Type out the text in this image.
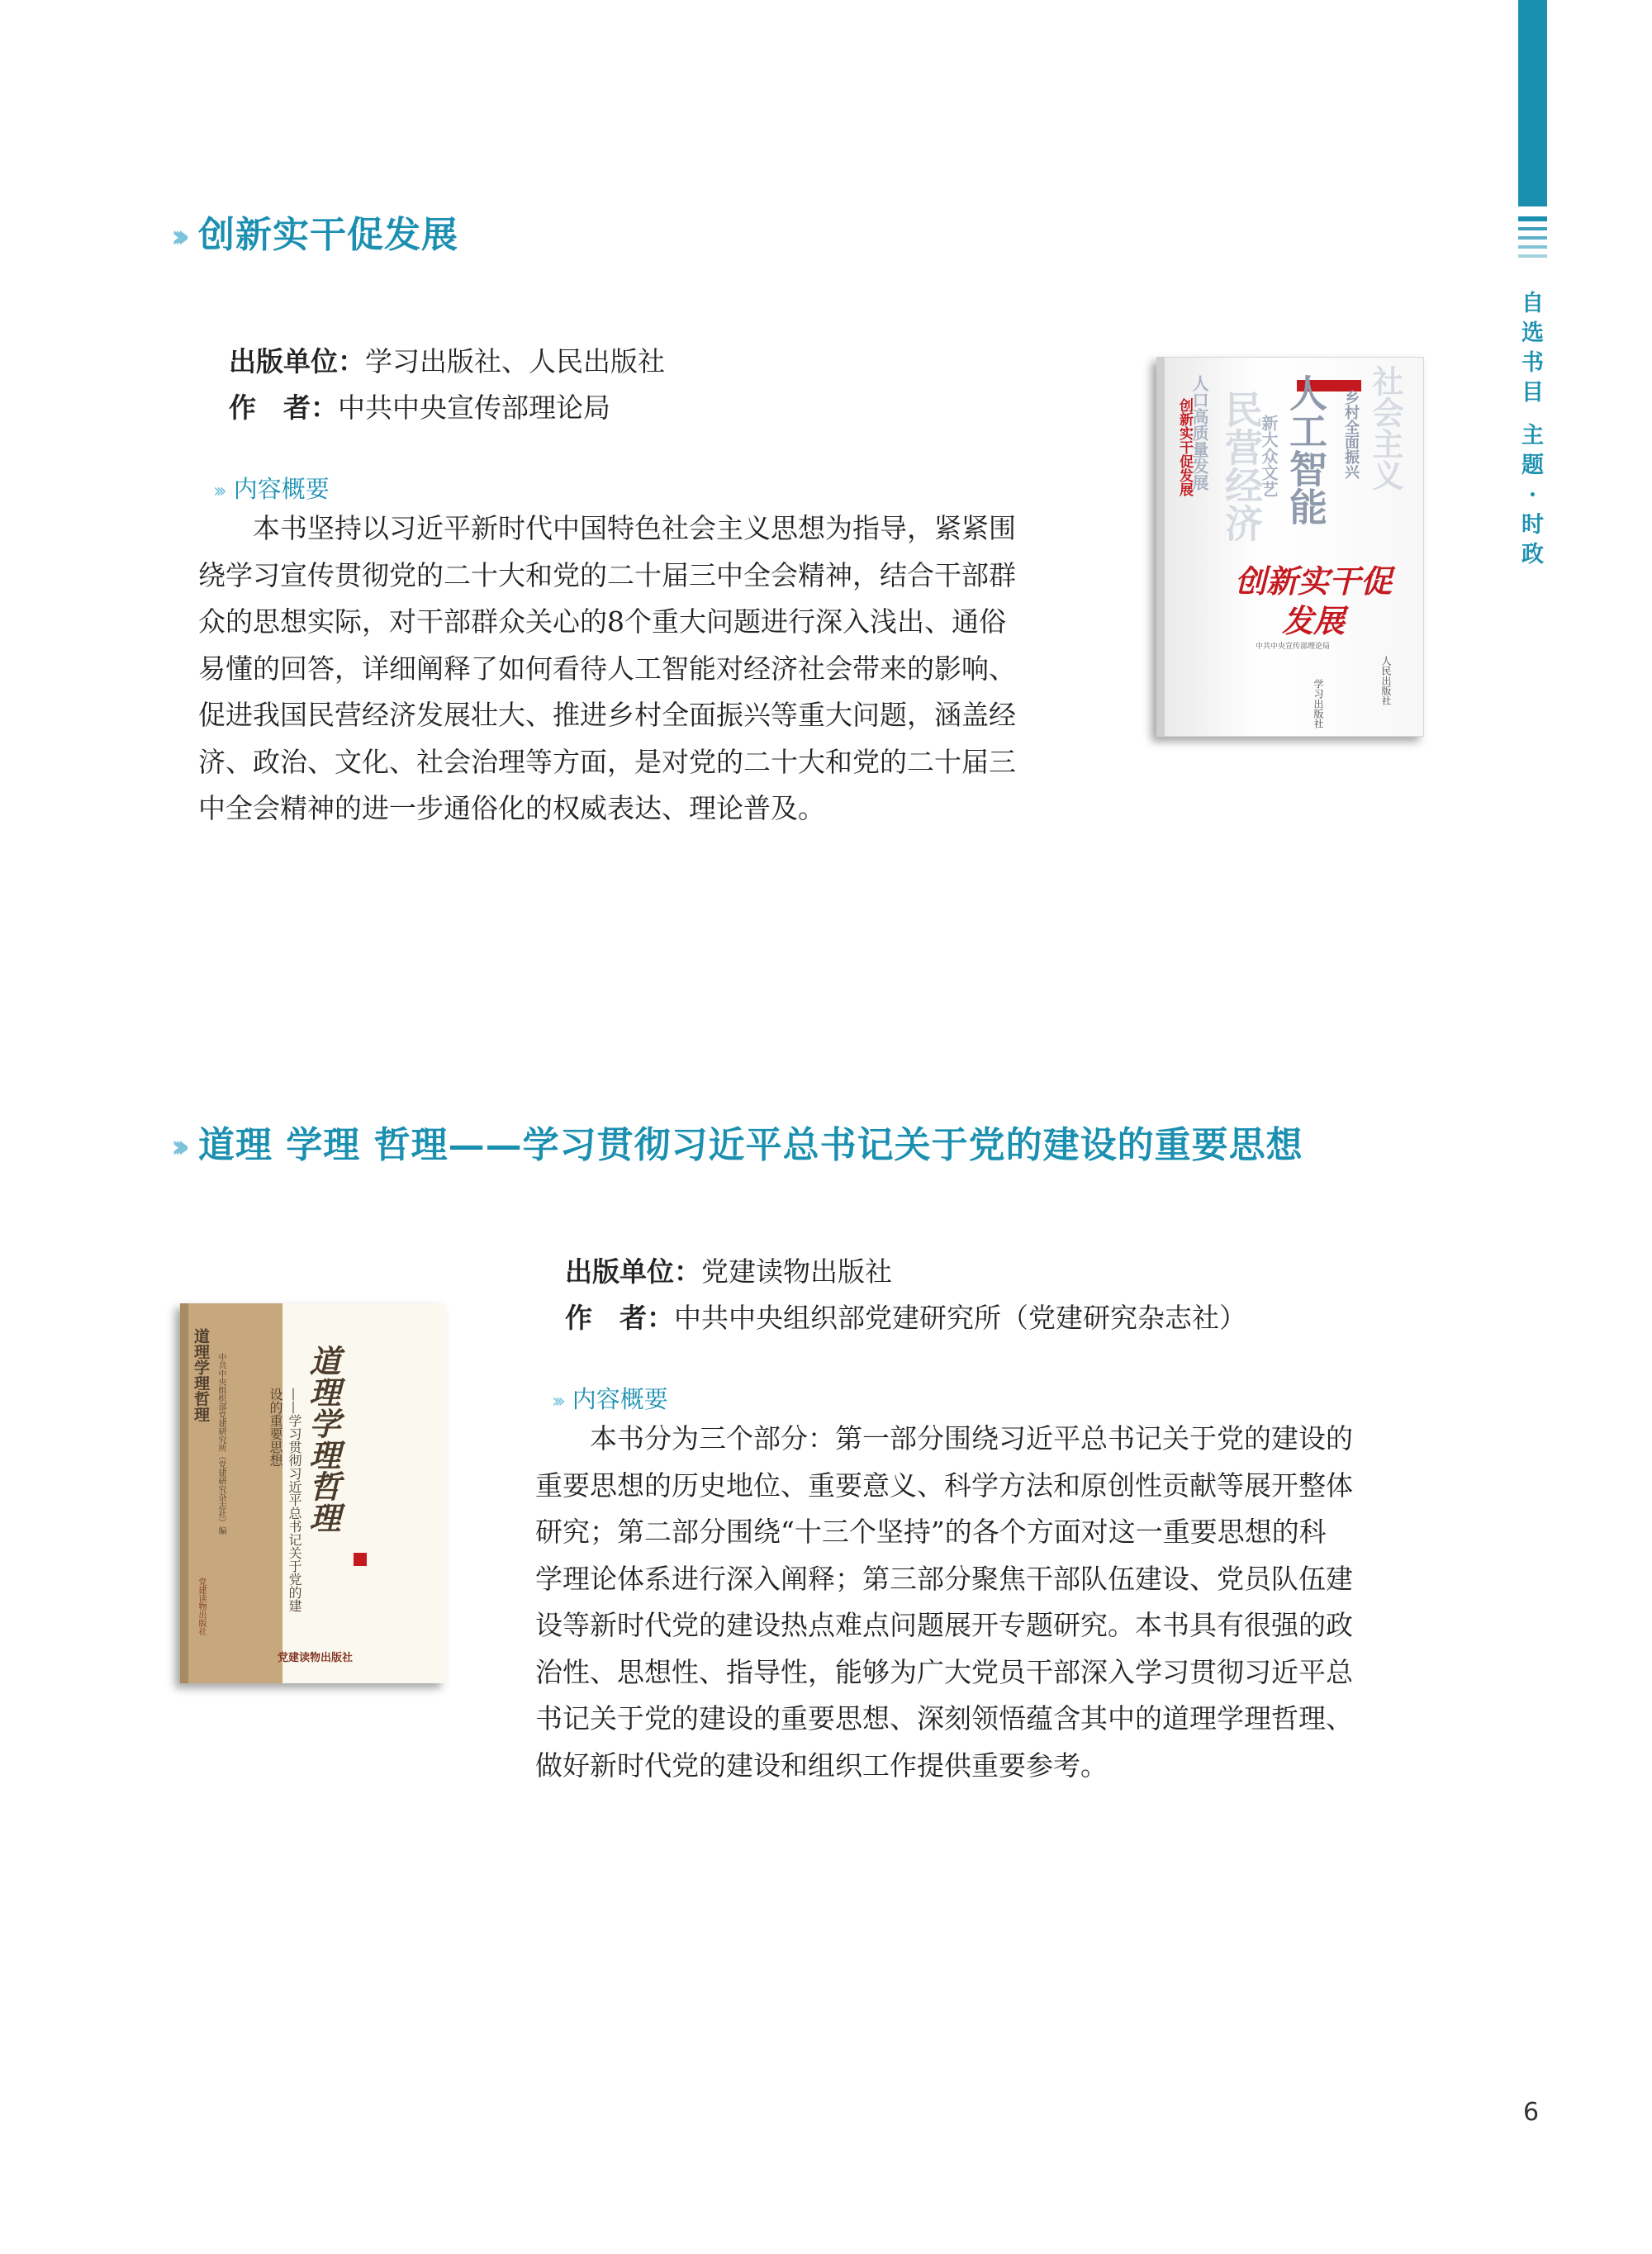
自选书目
主题·时政
››› 创新实干促发展
出版单位：学习出版社、人民出版社
作　者：中共中央宣传部理论局
››› 内容概要
本书坚持以习近平新时代中国特色社会主义思想为指导，紧紧围
绕学习宣传贯彻党的二十大和党的二十届三中全会精神，结合干部群
众的思想实际，对干部群众关心的8个重大问题进行深入浅出、通俗
易懂的回答，详细阐释了如何看待人工智能对经济社会带来的影响、
促进我国民营经济发展壮大、推进乡村全面振兴等重大问题，涵盖经
济、政治、文化、社会治理等方面，是对党的二十大和党的二十届三
中全会精神的进一步通俗化的权威表达、理论普及。
创新实干促发展
人口高质量发展 民营经济
新大众文艺 人工智能 乡村全面振兴 社会主义
创新实干促发展
中共中央宣传部理论局
学习出版社	人民出版社
››› 道理 学理 哲理——学习贯彻习近平总书记关于党的建设的重要思想
出版单位：党建读物出版社
作　者：中共中央组织部党建研究所（党建研究杂志社）
››› 内容概要
本书分为三个部分：第一部分围绕习近平总书记关于党的建设的
重要思想的历史地位、重要意义、科学方法和原创性贡献等展开整体
研究；第二部分围绕“十三个坚持”的各个方面对这一重要思想的科
学理论体系进行深入阐释；第三部分聚焦干部队伍建设、党员队伍建
设等新时代党的建设热点难点问题展开专题研究。本书具有很强的政
治性、思想性、指导性，能够为广大党员干部深入学习贯彻习近平总
书记关于党的建设的重要思想、深刻领悟蕴含其中的道理学理哲理、
做好新时代党的建设和组织工作提供重要参考。
道理学理哲理 中共中央组织部党建研究所（党建研究杂志社）编
党建读物出版社
道理学理哲理
——学习贯彻习近平总书记关于党的建设的重要思想
党建读物出版社
6
